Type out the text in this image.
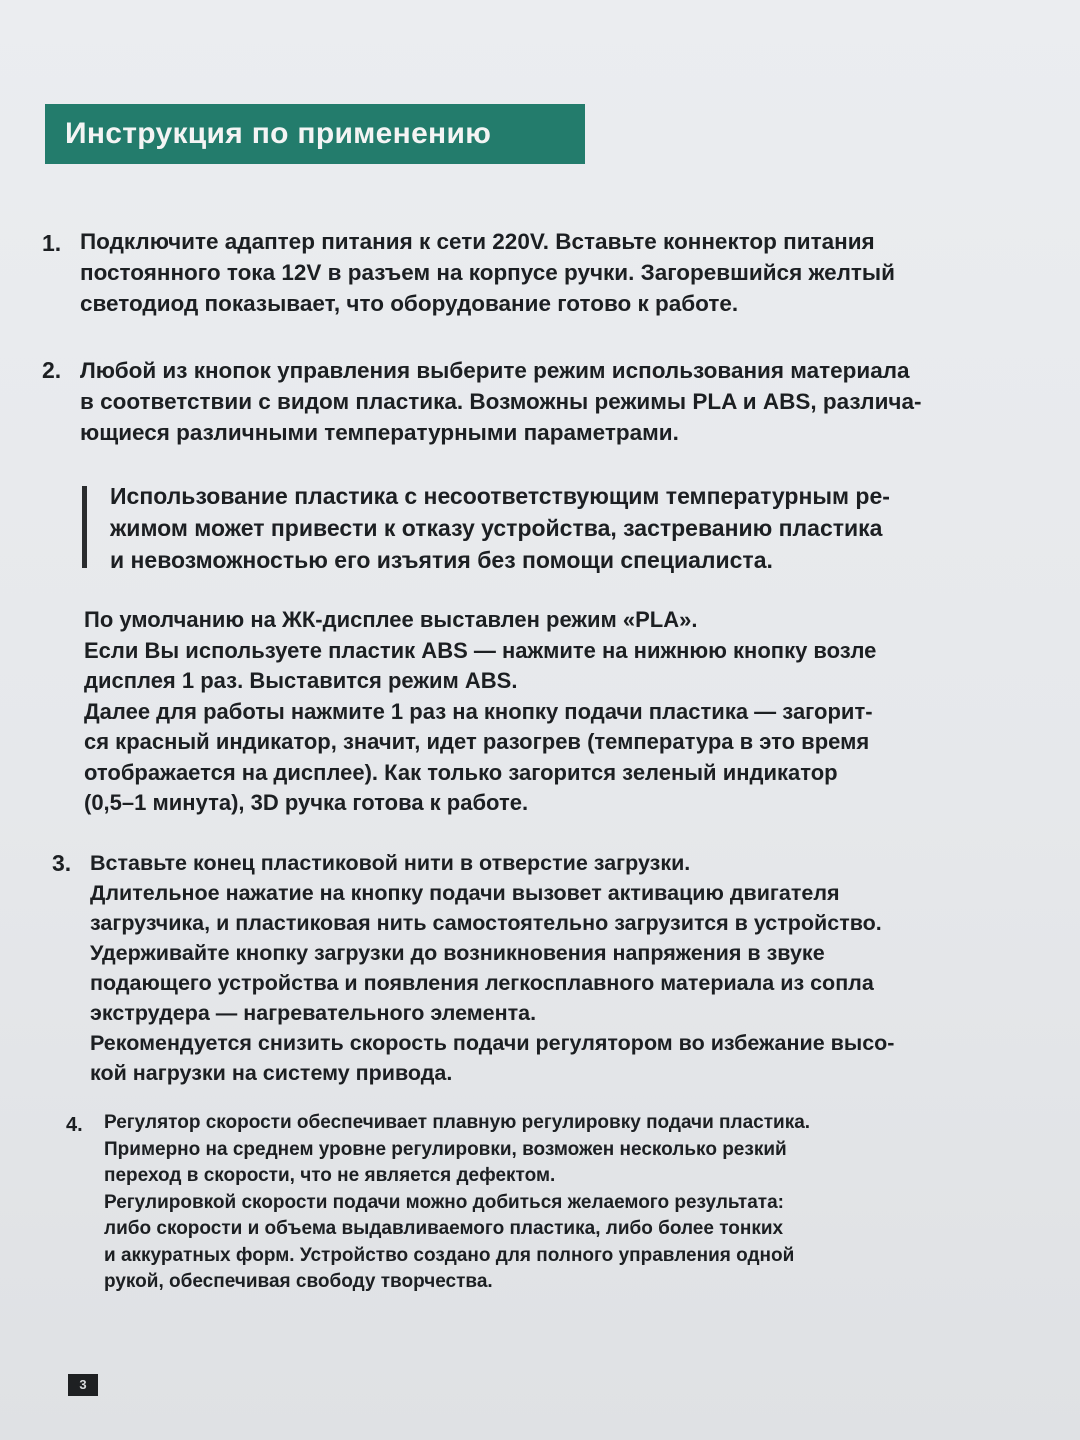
Инструкция по применению
1. Подключите адаптер питания к сети 220V. Вставьте коннектор питания
постоянного тока 12V в разъем на корпусе ручки. Загоревшийся желтый
светодиод показывает, что оборудование готово к работе.
2. Любой из кнопок управления выберите режим использования материала
в соответствии с видом пластика. Возможны режимы PLA и ABS, различа-
ющиеся различными температурными параметрами.
Использование пластика с несоответствующим температурным ре-
жимом может привести к отказу устройства, застреванию пластика
и невозможностью его изъятия без помощи специалиста.
По умолчанию на ЖК-дисплее выставлен режим «PLA».
Если Вы используете пластик ABS — нажмите на нижнюю кнопку возле
дисплея 1 раз. Выставится режим ABS.
Далее для работы нажмите 1 раз на кнопку подачи пластика — загорит-
ся красный индикатор, значит, идет разогрев (температура в это время
отображается на дисплее). Как только загорится зеленый индикатор
(0,5–1 минута), 3D ручка готова к работе.
3. Вставьте конец пластиковой нити в отверстие загрузки.
Длительное нажатие на кнопку подачи вызовет активацию двигателя
загрузчика, и пластиковая нить самостоятельно загрузится в устройство.
Удерживайте кнопку загрузки до возникновения напряжения в звуке
подающего устройства и появления легкосплавного материала из сопла
экструдера — нагревательного элемента.
Рекомендуется снизить скорость подачи регулятором во избежание высо-
кой нагрузки на систему привода.
4. Регулятор скорости обеспечивает плавную регулировку подачи пластика.
Примерно на среднем уровне регулировки, возможен несколько резкий
переход в скорости, что не является дефектом.
Регулировкой скорости подачи можно добиться желаемого результата:
либо скорости и объема выдавливаемого пластика, либо более тонких
и аккуратных форм. Устройство создано для полного управления одной
рукой, обеспечивая свободу творчества.
3
